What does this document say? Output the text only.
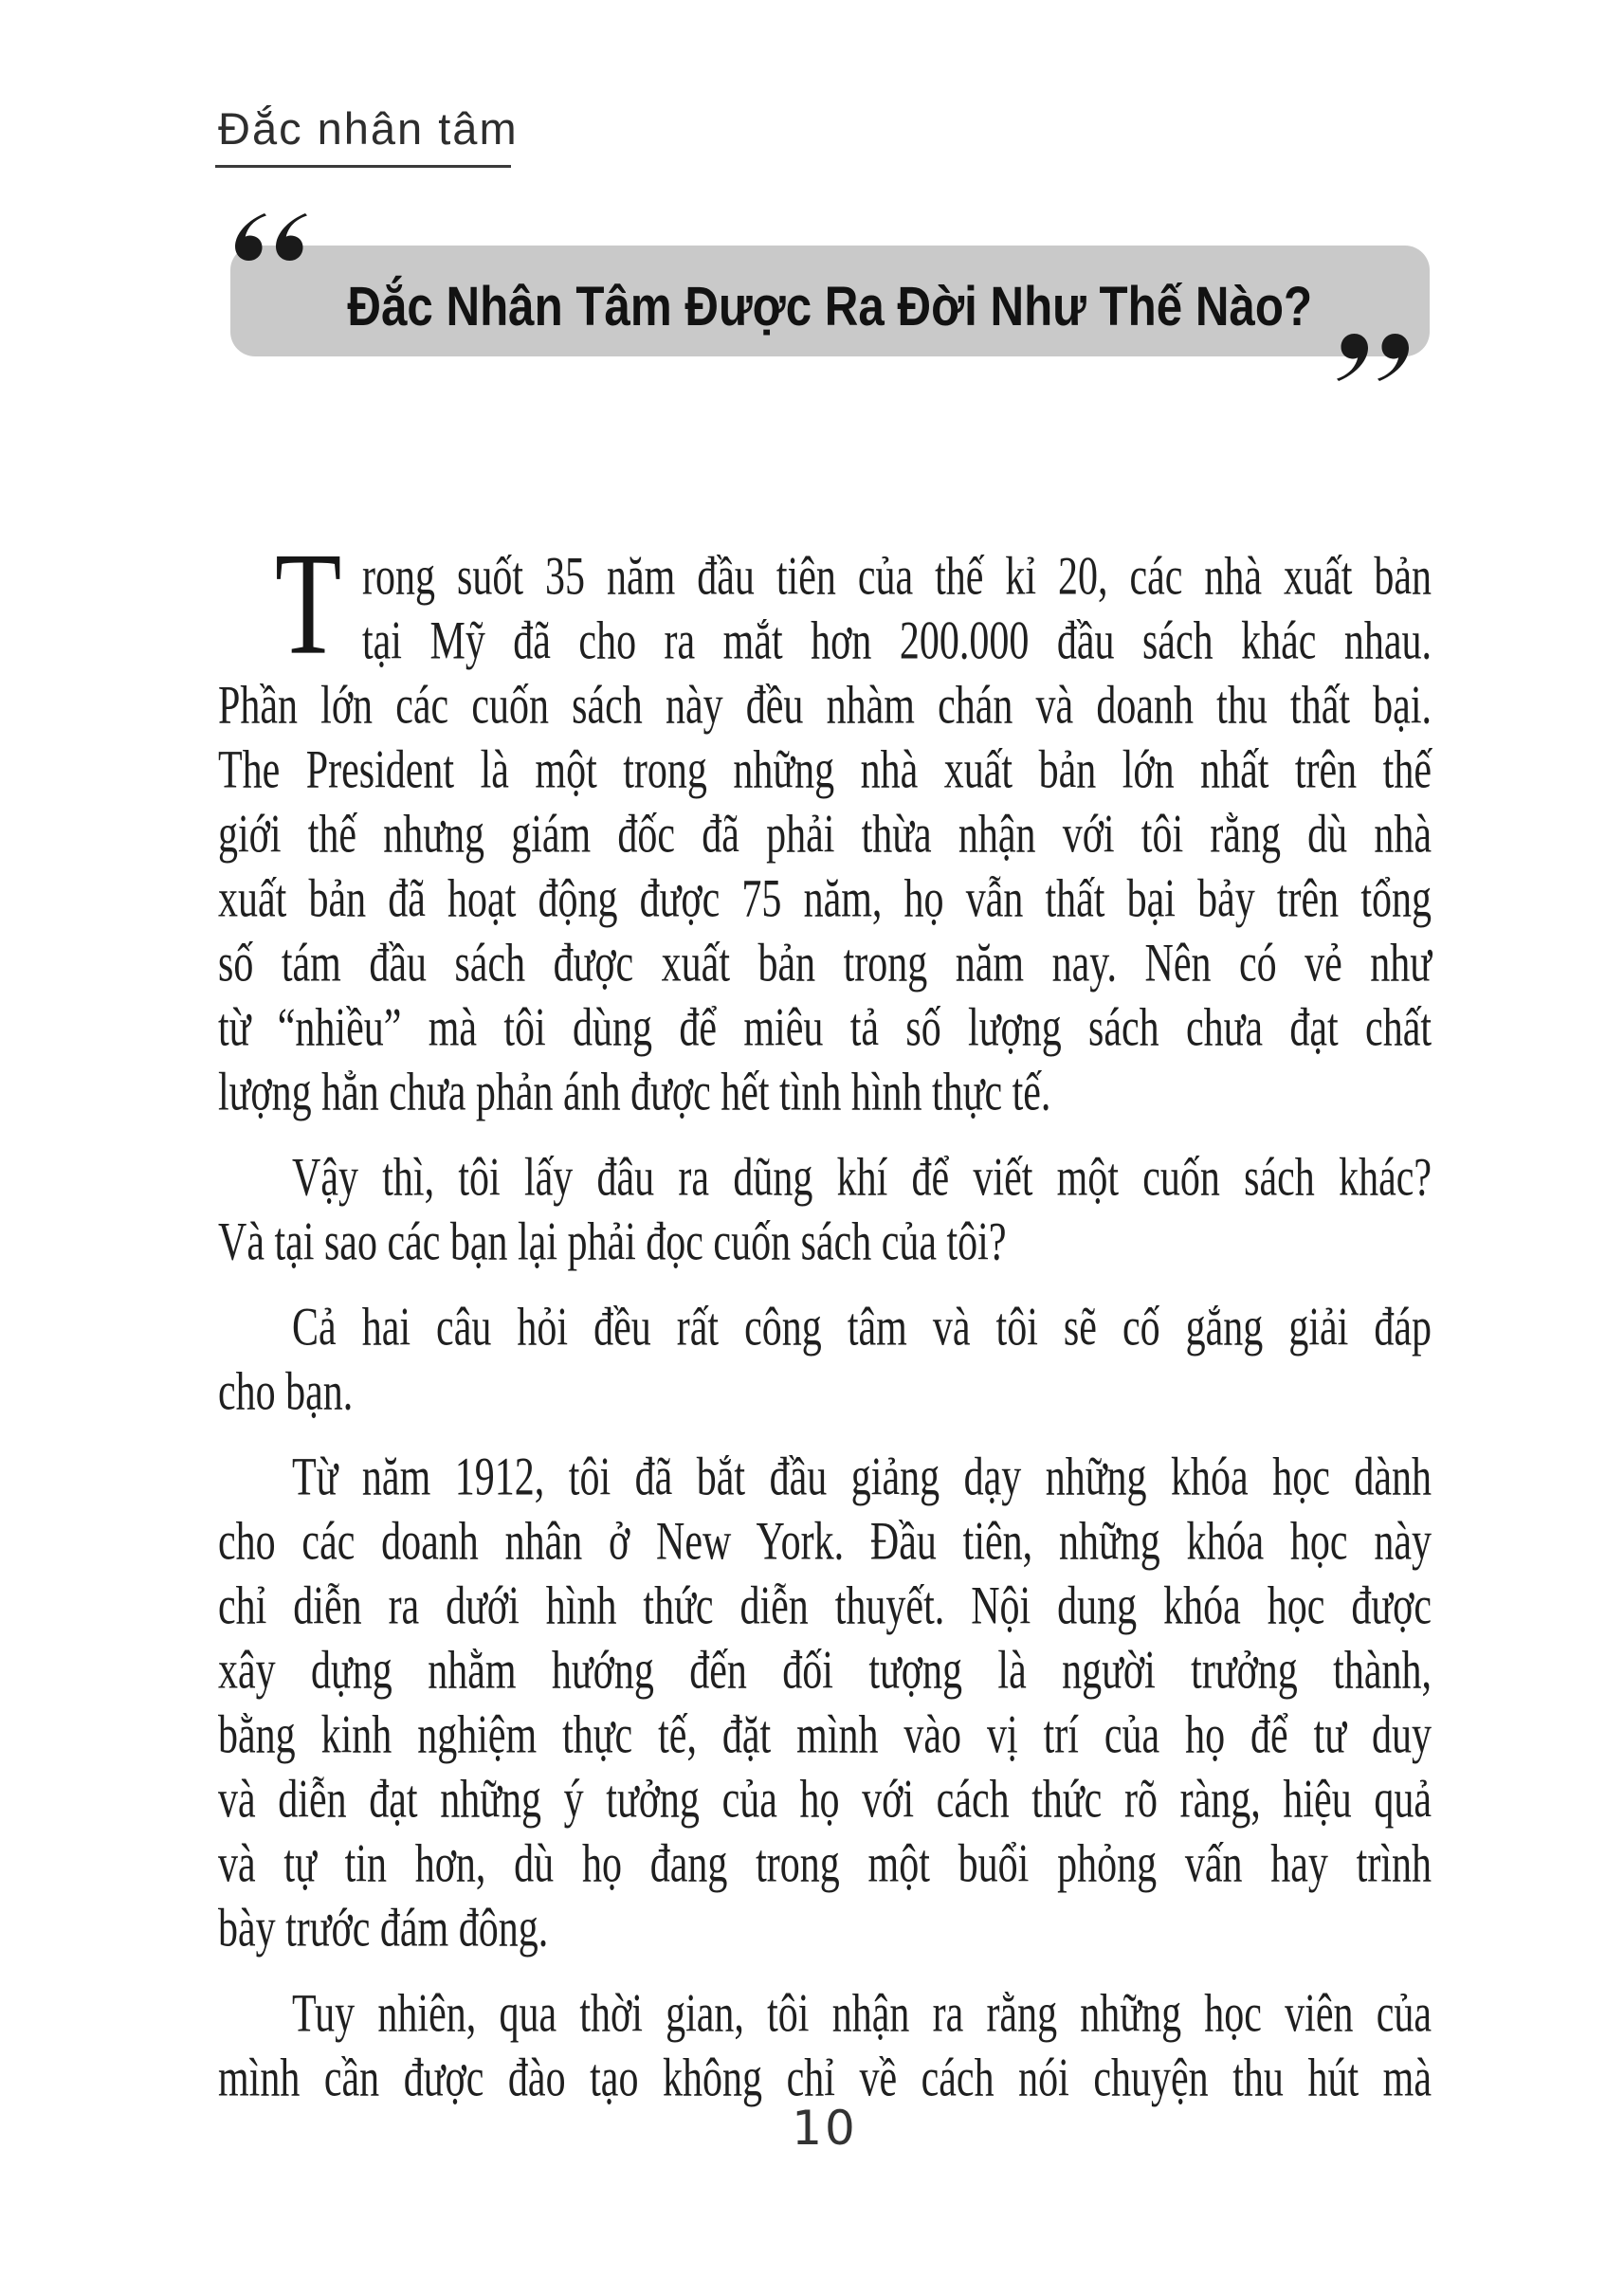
Đắc nhân tâm
Đắc Nhân Tâm Được Ra Đời Như Thế Nào?
T rong suốt 35 năm đầu tiên của thế kỉ 20, các nhà xuất bản
tại Mỹ đã cho ra mắt hơn 200.000 đầu sách khác nhau.
Phần lớn các cuốn sách này đều nhàm chán và doanh thu thất bại.
The President là một trong những nhà xuất bản lớn nhất trên thế
giới thế nhưng giám đốc đã phải thừa nhận với tôi rằng dù nhà
xuất bản đã hoạt động được 75 năm, họ vẫn thất bại bảy trên tổng
số tám đầu sách được xuất bản trong năm nay. Nên có vẻ như
từ “nhiều” mà tôi dùng để miêu tả số lượng sách chưa đạt chất
lượng hẳn chưa phản ánh được hết tình hình thực tế.
Vậy thì, tôi lấy đâu ra dũng khí để viết một cuốn sách khác?
Và tại sao các bạn lại phải đọc cuốn sách của tôi?
Cả hai câu hỏi đều rất công tâm và tôi sẽ cố gắng giải đáp
cho bạn.
Từ năm 1912, tôi đã bắt đầu giảng dạy những khóa học dành
cho các doanh nhân ở New York. Đầu tiên, những khóa học này
chỉ diễn ra dưới hình thức diễn thuyết. Nội dung khóa học được
xây dựng nhằm hướng đến đối tượng là người trưởng thành,
bằng kinh nghiệm thực tế, đặt mình vào vị trí của họ để tư duy
và diễn đạt những ý tưởng của họ với cách thức rõ ràng, hiệu quả
và tự tin hơn, dù họ đang trong một buổi phỏng vấn hay trình
bày trước đám đông.
Tuy nhiên, qua thời gian, tôi nhận ra rằng những học viên của
mình cần được đào tạo không chỉ về cách nói chuyện thu hút mà
10
